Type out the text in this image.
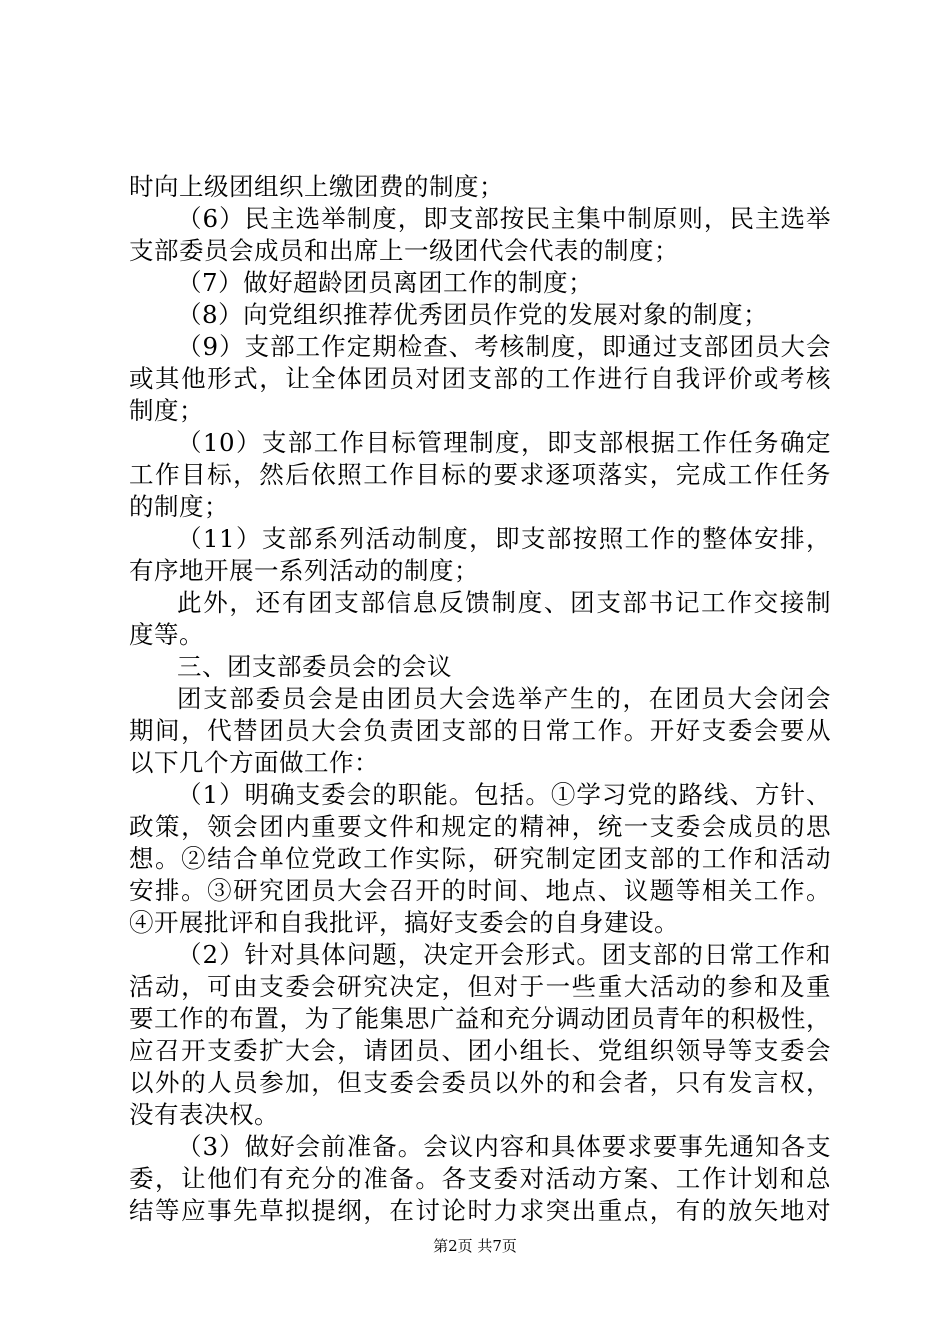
时向上级团组织上缴团费的制度；
（6）民主选举制度，即支部按民主集中制原则，民主选举
支部委员会成员和出席上一级团代会代表的制度；
（7）做好超龄团员离团工作的制度；
（8）向党组织推荐优秀团员作党的发展对象的制度；
（9）支部工作定期检查、考核制度，即通过支部团员大会
或其他形式，让全体团员对团支部的工作进行自我评价或考核
制度；
（10）支部工作目标管理制度，即支部根据工作任务确定
工作目标，然后依照工作目标的要求逐项落实，完成工作任务
的制度；
（11）支部系列活动制度，即支部按照工作的整体安排，
有序地开展一系列活动的制度；
此外，还有团支部信息反馈制度、团支部书记工作交接制
度等。
三、团支部委员会的会议
团支部委员会是由团员大会选举产生的，在团员大会闭会
期间，代替团员大会负责团支部的日常工作。开好支委会要从
以下几个方面做工作：
（1）明确支委会的职能。包括。①学习党的路线、方针、
政策，领会团内重要文件和规定的精神，统一支委会成员的思
想。②结合单位党政工作实际，研究制定团支部的工作和活动
安排。③研究团员大会召开的时间、地点、议题等相关工作。
④开展批评和自我批评，搞好支委会的自身建设。
（2）针对具体问题，决定开会形式。团支部的日常工作和
活动，可由支委会研究决定，但对于一些重大活动的参和及重
要工作的布置，为了能集思广益和充分调动团员青年的积极性，
应召开支委扩大会，请团员、团小组长、党组织领导等支委会
以外的人员参加，但支委会委员以外的和会者，只有发言权，
没有表决权。
（3）做好会前准备。会议内容和具体要求要事先通知各支
委，让他们有充分的准备。各支委对活动方案、工作计划和总
结等应事先草拟提纲，在讨论时力求突出重点，有的放矢地对
第2页 共7页
